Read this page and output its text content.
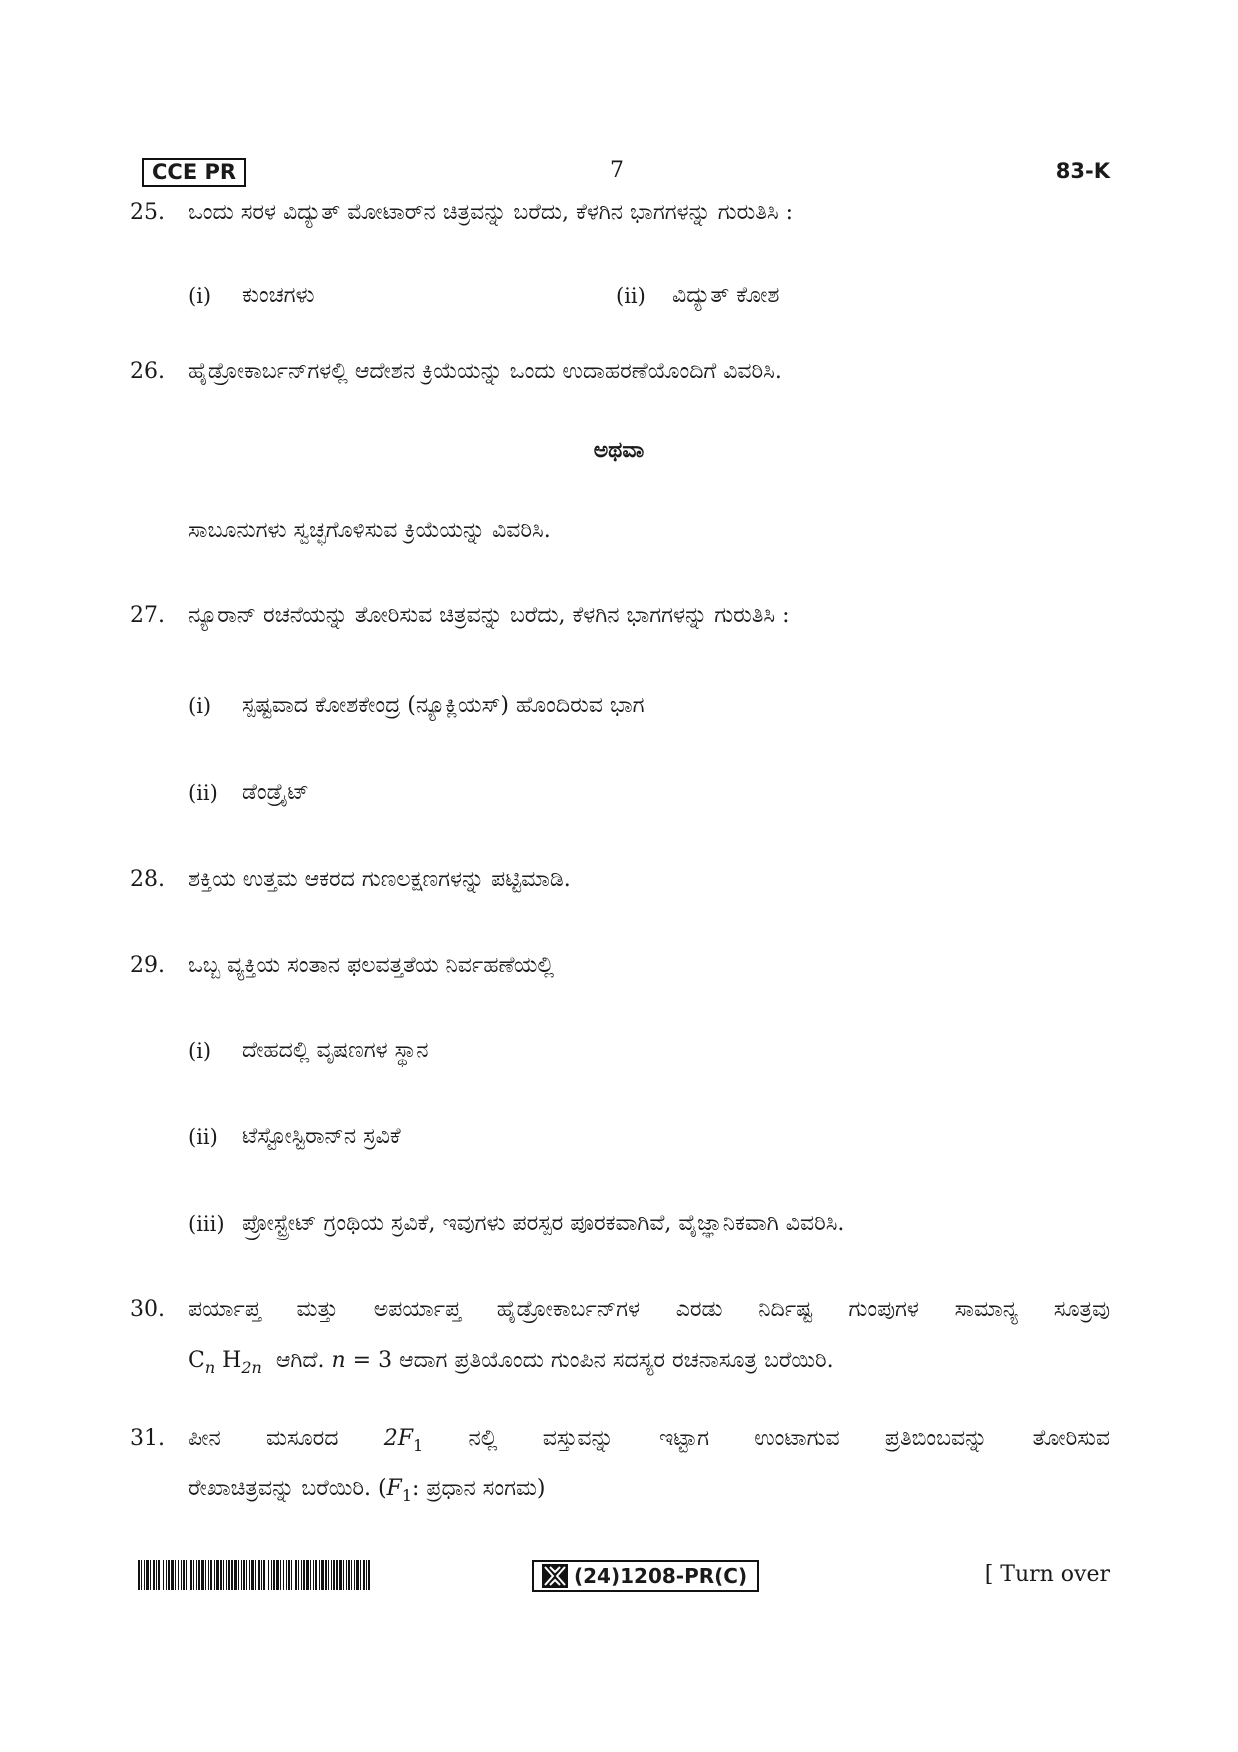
CCE PR	7	83-K
25. ಒಂದು ಸರಳ ವಿದ್ಯುತ್ ಮೋಟಾರ್‌ನ ಚಿತ್ರವನ್ನು ಬರೆದು, ಕೆಳಗಿನ ಭಾಗಗಳನ್ನು ಗುರುತಿಸಿ :
(i) ಕುಂಚಗಳು	(ii) ವಿದ್ಯುತ್ ಕೋಶ
26. ಹೈಡ್ರೋಕಾರ್ಬನ್‌ಗಳಲ್ಲಿ ಆದೇಶನ ಕ್ರಿಯೆಯನ್ನು ಒಂದು ಉದಾಹರಣೆಯೊಂದಿಗೆ ವಿವರಿಸಿ.
ಅಥವಾ
ಸಾಬೂನುಗಳು ಸ್ವಚ್ಛಗೊಳಿಸುವ ಕ್ರಿಯೆಯನ್ನು ವಿವರಿಸಿ.
27. ನ್ಯೂರಾನ್ ರಚನೆಯನ್ನು ತೋರಿಸುವ ಚಿತ್ರವನ್ನು ಬರೆದು, ಕೆಳಗಿನ ಭಾಗಗಳನ್ನು ಗುರುತಿಸಿ :
(i) ಸ್ಪಷ್ಟವಾದ ಕೋಶಕೇಂದ್ರ (ನ್ಯೂಕ್ಲಿಯಸ್) ಹೊಂದಿರುವ ಭಾಗ
(ii) ಡೆಂಡ್ರೈಟ್
28. ಶಕ್ತಿಯ ಉತ್ತಮ ಆಕರದ ಗುಣಲಕ್ಷಣಗಳನ್ನು ಪಟ್ಟಿಮಾಡಿ.
29. ಒಬ್ಬ ವ್ಯಕ್ತಿಯ ಸಂತಾನ ಫಲವತ್ತತೆಯ ನಿರ್ವಹಣೆಯಲ್ಲಿ
(i) ದೇಹದಲ್ಲಿ ವೃಷಣಗಳ ಸ್ಥಾನ
(ii) ಟೆಸ್ಟೋಸ್ಟಿರಾನ್‌ನ ಸ್ರವಿಕೆ
(iii) ಪ್ರೋಸ್ಟ್ರೇಟ್ ಗ್ರಂಥಿಯ ಸ್ರವಿಕೆ, ಇವುಗಳು ಪರಸ್ಪರ ಪೂರಕವಾಗಿವೆ, ವೈಜ್ಞಾನಿಕವಾಗಿ ವಿವರಿಸಿ.
30. ಪರ್ಯಾಪ್ತ ಮತ್ತು ಅಪರ್ಯಾಪ್ತ ಹೈಡ್ರೋಕಾರ್ಬನ್‌ಗಳ ಎರಡು ನಿರ್ದಿಷ್ಟ ಗುಂಪುಗಳ ಸಾಮಾನ್ಯ ಸೂತ್ರವು
$C_n$ $H_{2n}$ ಆಗಿದೆ. n = 3 ಆದಾಗ ಪ್ರತಿಯೊಂದು ಗುಂಪಿನ ಸದಸ್ಯರ ರಚನಾಸೂತ್ರ ಬರೆಯಿರಿ.
31. ಪೀನ ಮಸೂರದ $2F_1$ ನಲ್ಲಿ ವಸ್ತುವನ್ನು ಇಟ್ಟಾಗ ಉಂಟಾಗುವ ಪ್ರತಿಬಿಂಬವನ್ನು ತೋರಿಸುವ
ರೇಖಾಚಿತ್ರವನ್ನು ಬರೆಯಿರಿ. ($F_1$: ಪ್ರಧಾನ ಸಂಗಮ)
(24)1208-PR(C)	[ Turn over
